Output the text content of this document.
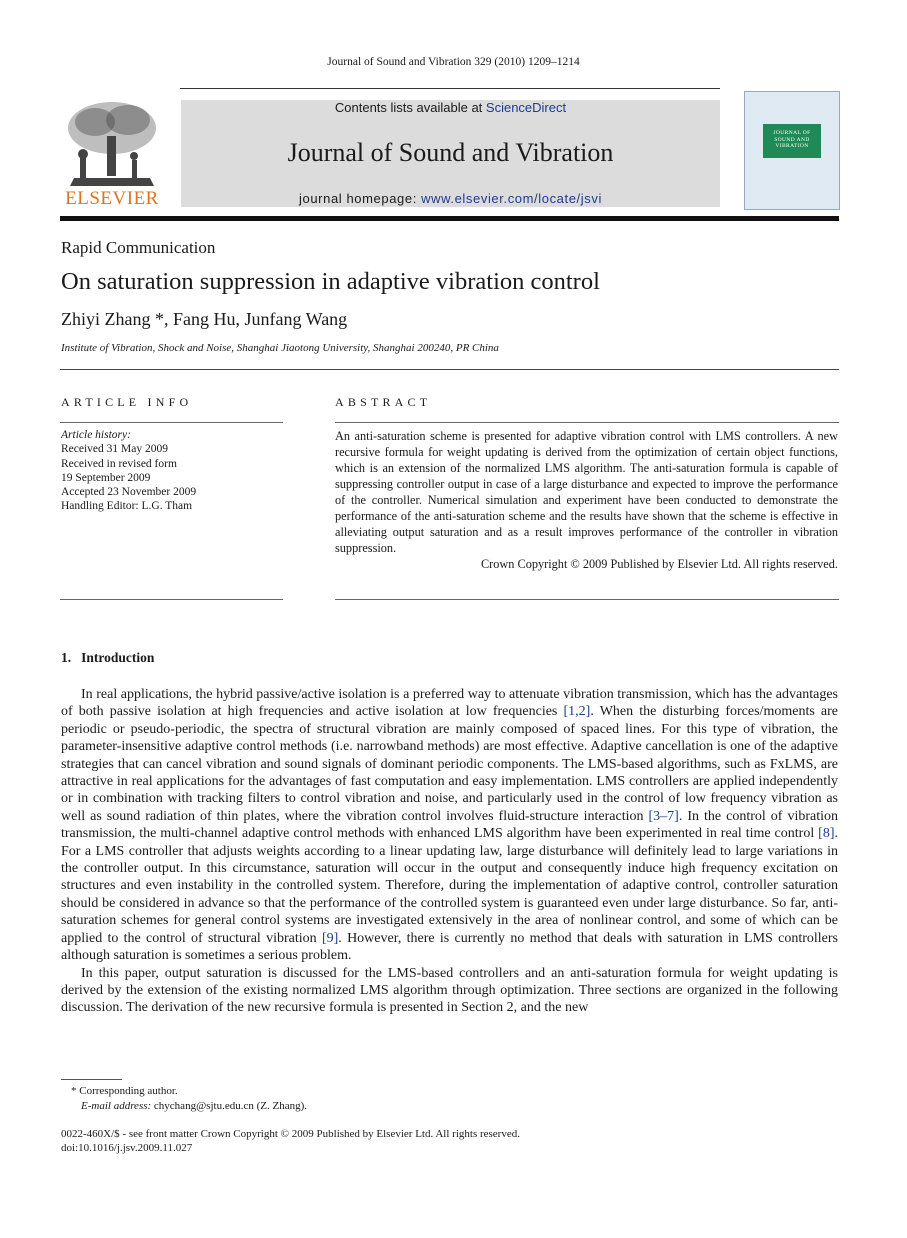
Journal of Sound and Vibration 329 (2010) 1209–1214
ELSEVIER
Contents lists available at ScienceDirect
Journal of Sound and Vibration
journal homepage: www.elsevier.com/locate/jsvi
JOURNAL OF SOUND AND VIBRATION
Rapid Communication
On saturation suppression in adaptive vibration control
Zhiyi Zhang *, Fang Hu, Junfang Wang
Institute of Vibration, Shock and Noise, Shanghai Jiaotong University, Shanghai 200240, PR China
ARTICLE INFO	ABSTRACT
Article history:
Received 31 May 2009
Received in revised form
19 September 2009
Accepted 23 November 2009
Handling Editor: L.G. Tham
An anti-saturation scheme is presented for adaptive vibration control with LMS controllers. A new recursive formula for weight updating is derived from the optimization of certain object functions, which is an extension of the normalized LMS algorithm. The anti-saturation formula is capable of suppressing controller output in case of a large disturbance and expected to improve the performance of the controller. Numerical simulation and experiment have been conducted to demonstrate the performance of the anti-saturation scheme and the results have shown that the scheme is effective in alleviating output saturation and as a result improves performance of the controller in vibration suppression.
Crown Copyright © 2009 Published by Elsevier Ltd. All rights reserved.
1. Introduction

In real applications, the hybrid passive/active isolation is a preferred way to attenuate vibration transmission, which has the advantages of both passive isolation at high frequencies and active isolation at low frequencies [1,2]. When the disturbing forces/moments are periodic or pseudo-periodic, the spectra of structural vibration are mainly composed of spaced lines. For this type of vibration, the parameter-insensitive adaptive control methods (i.e. narrowband methods) are most effective. Adaptive cancellation is one of the adaptive strategies that can cancel vibration and sound signals of dominant periodic components. The LMS-based algorithms, such as FxLMS, are attractive in real applications for the advantages of fast computation and easy implementation. LMS controllers are applied independently or in combination with tracking filters to control vibration and noise, and particularly used in the control of low frequency vibration as well as sound radiation of thin plates, where the vibration control involves fluid-structure interaction [3–7]. In the control of vibration transmission, the multi-channel adaptive control methods with enhanced LMS algorithm have been experimented in real time control [8]. For a LMS controller that adjusts weights according to a linear updating law, large disturbance will definitely lead to large variations in the controller output. In this circumstance, saturation will occur in the output and consequently induce high frequency excitation on structures and even instability in the controlled system. Therefore, during the implementation of adaptive control, controller saturation should be considered in advance so that the performance of the controlled system is guaranteed even under large disturbance. So far, anti-saturation schemes for general control systems are investigated extensively in the area of nonlinear control, and some of which can be applied to the control of structural vibration [9]. However, there is currently no method that deals with saturation in LMS controllers although saturation is sometimes a serious problem.

In this paper, output saturation is discussed for the LMS-based controllers and an anti-saturation formula for weight updating is derived by the extension of the existing normalized LMS algorithm through optimization. Three sections are organized in the following discussion. The derivation of the new recursive formula is presented in Section 2, and the new

* Corresponding author.
E-mail address: chychang@sjtu.edu.cn (Z. Zhang).
0022-460X/$ - see front matter Crown Copyright © 2009 Published by Elsevier Ltd. All rights reserved.
doi:10.1016/j.jsv.2009.11.027
